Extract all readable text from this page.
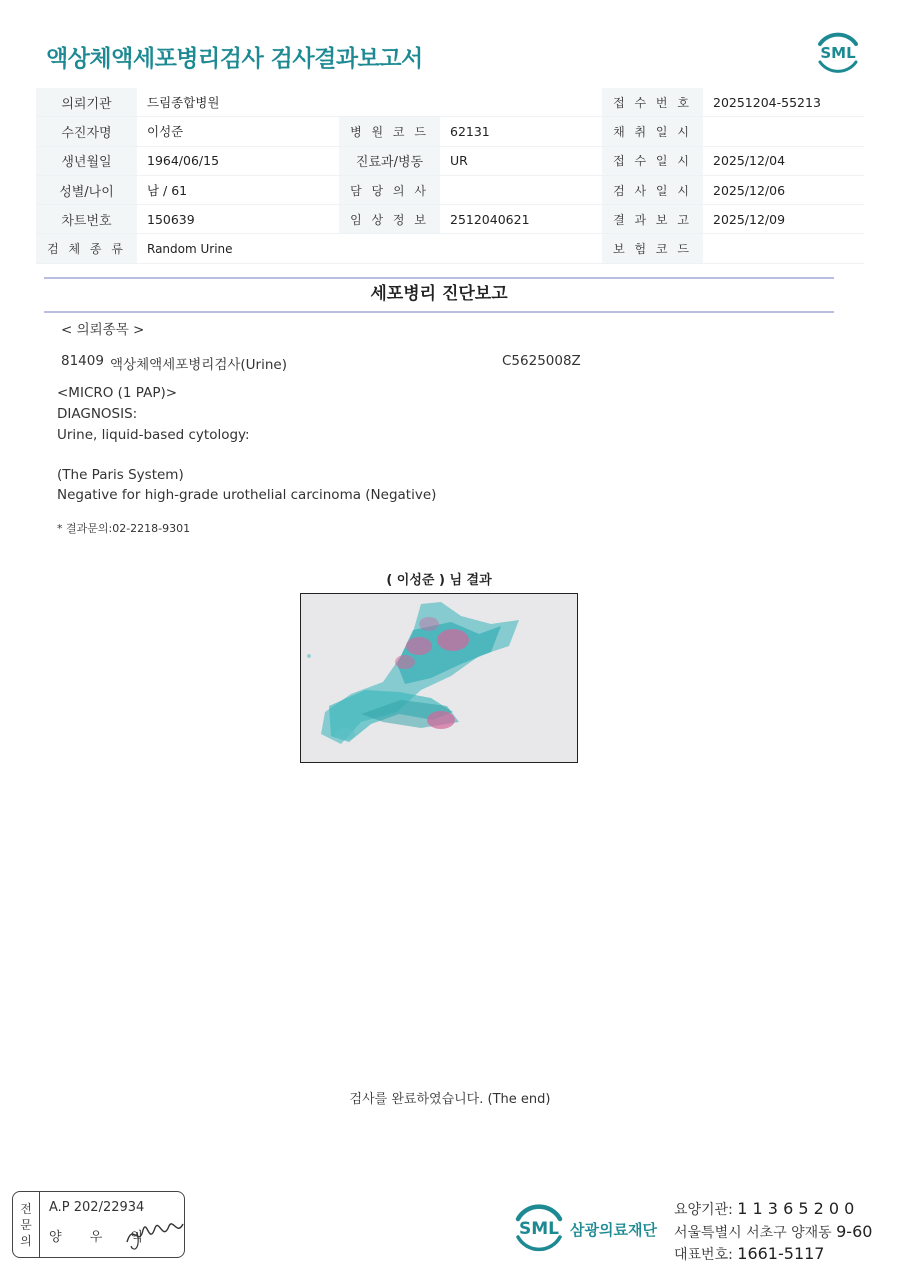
액상체액세포병리검사 검사결과보고서	SML
의뢰기관	드림종합병원			접 수 번 호	20251204-55213
수진자명	이성준	병 원 코 드	62131	채 취 일 시	
생년월일	1964/06/15	진료과/병동	UR	접 수 일 시	2025/12/04
성별/나이	남 / 61	담 당 의 사		검 사 일 시	2025/12/06
차트번호	150639	임 상 정 보	2512040621	결 과 보 고	2025/12/09
검 체 종 류	Random Urine			보 험 코 드	
세포병리 진단보고
< 의뢰종목 >
81409 액상체액세포병리검사(Urine)	C5625008Z
<MICRO (1 PAP)>
DIAGNOSIS:
Urine, liquid-based cytology:
(The Paris System)
Negative for high-grade urothelial carcinoma (Negative)
* 결과문의:02-2218-9301
( 이성준 ) 님 결과
검사를 완료하였습니다. (The end)
전
문
의
A.P 202/22934
양 우 익	SML 삼광의료재단
요양기관: 1 1 3 6 5 2 0 0
서울특별시 서초구 양재동 9-60
대표번호: 1661-5117
